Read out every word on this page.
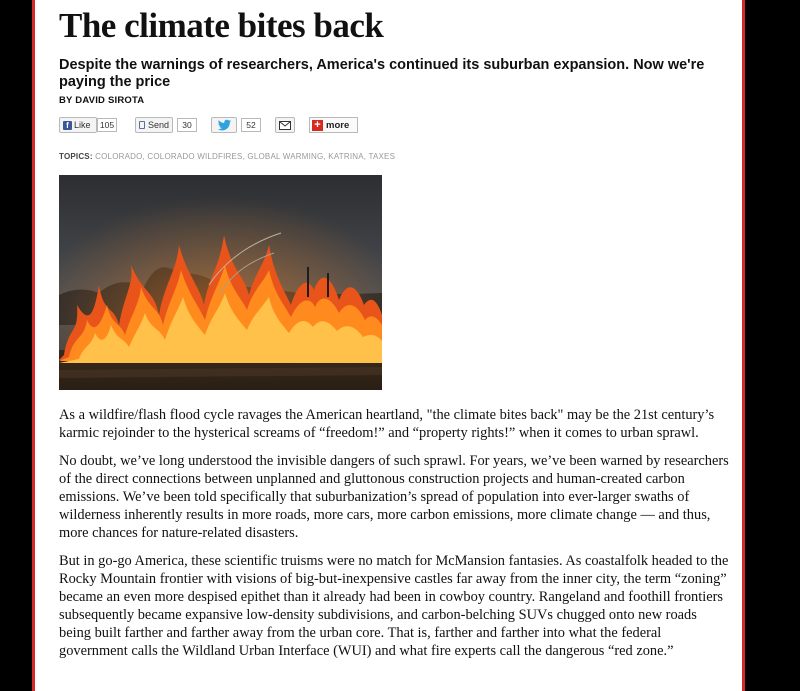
The climate bites back
Despite the warnings of researchers, America's continued its suburban expansion. Now we're paying the price
BY DAVID SIROTA
f Like	105	Send	30	52	+ more
TOPICS: COLORADO, COLORADO WILDFIRES, GLOBAL WARMING, KATRINA, TAXES

As a wildfire/flash flood cycle ravages the American heartland, "the climate bites back" may be the 21st century’s karmic rejoinder to the hysterical screams of “freedom!” and “property rights!” when it comes to urban sprawl.

No doubt, we’ve long understood the invisible dangers of such sprawl. For years, we’ve been warned by researchers of the direct connections between unplanned and gluttonous construction projects and human-created carbon emissions. We’ve been told specifically that suburbanization’s spread of population into ever-larger swaths of wilderness inherently results in more roads, more cars, more carbon emissions, more climate change — and thus, more chances for nature-related disasters.

But in go-go America, these scientific truisms were no match for McMansion fantasies. As coastalfolk headed to the Rocky Mountain frontier with visions of big-but-inexpensive castles far away from the inner city, the term “zoning” became an even more despised epithet than it already had been in cowboy country. Rangeland and foothill frontiers subsequently became expansive low-density subdivisions, and carbon-belching SUVs chugged onto new roads being built farther and farther away from the urban core. That is, farther and farther into what the federal government calls the Wildland Urban Interface (WUI) and what fire experts call the dangerous “red zone.”
